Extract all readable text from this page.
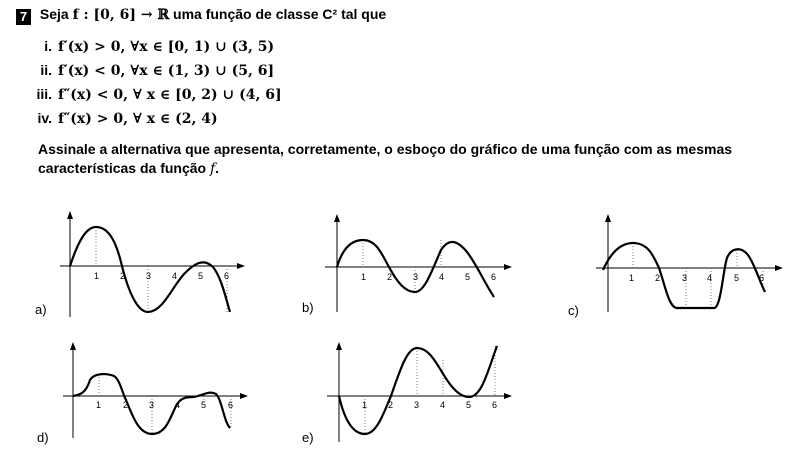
7 Seja f : [0, 6] → ℝ uma função de classe C² tal que
i. f′(x) > 0, ∀x ∈ [0, 1) ∪ (3, 5)
ii. f′(x) < 0, ∀x ∈ (1, 3) ∪ (5, 6]
iii. f″(x) < 0, ∀ x ∈ [0, 2) ∪ (4, 6]
iv. f″(x) > 0, ∀ x ∈ (2, 4)
Assinale a alternativa que apresenta, corretamente, o esboço do gráfico de uma função com as mesmas características da função f.
1 2 3 4 5 6
a)
1 2 3 4 5 6
b)
1 2 3 4 5 6
c)
1 2 3 4 5 6
d)
1 2 3 4 5 6
e)
